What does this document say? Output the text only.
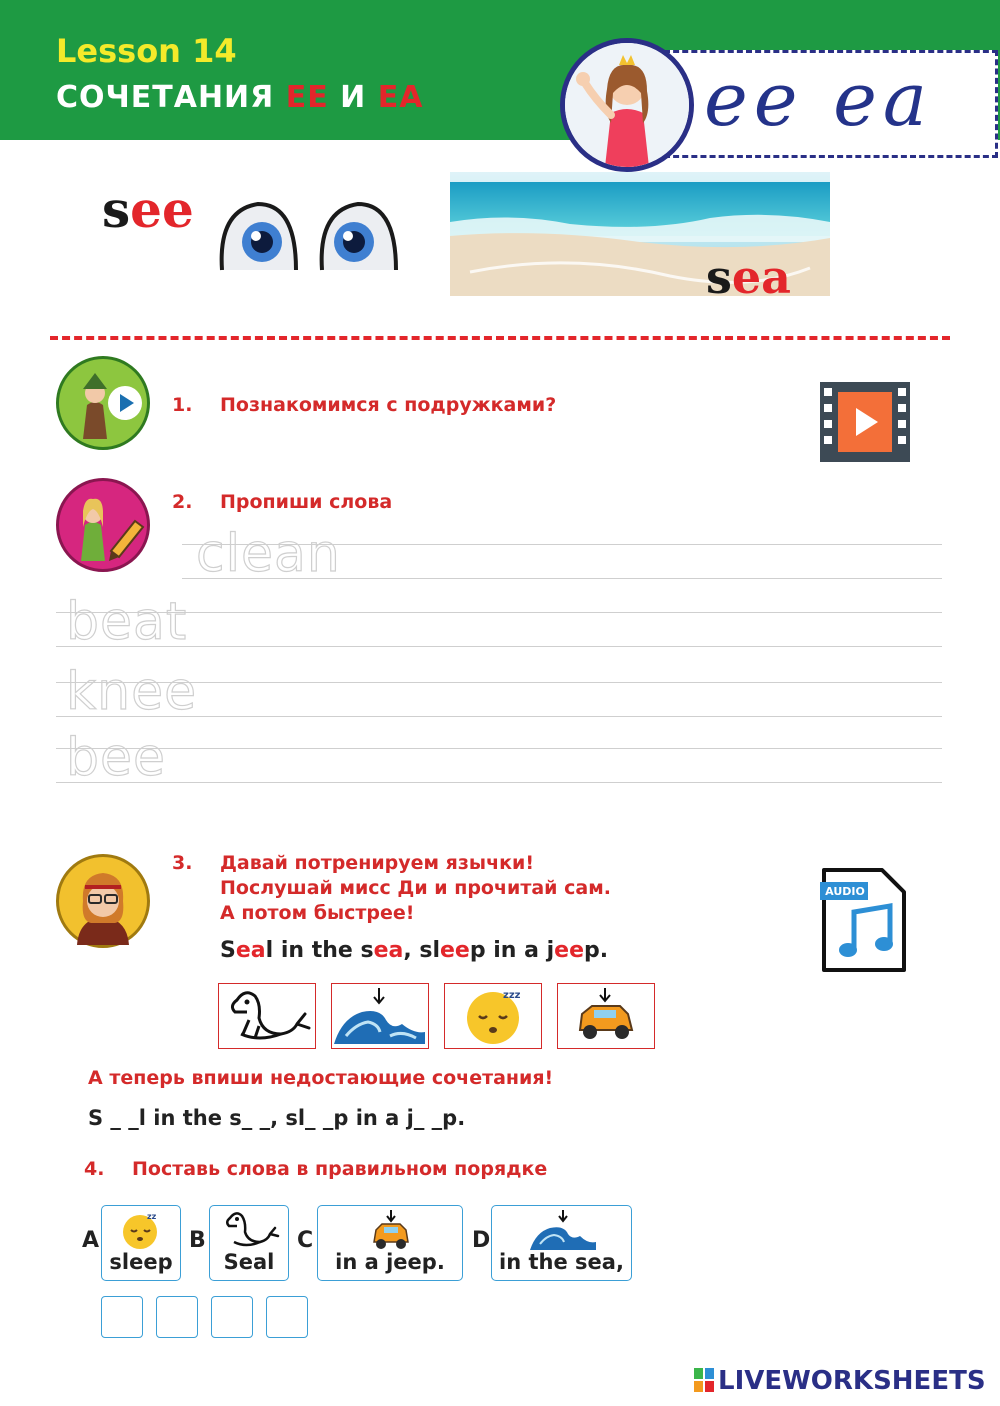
Lesson 14
СОЧЕТАНИЯ EE И EA	ee ea
see
sea
1. Познакомимся с подружками?
2. Пропиши слова
clean
beat
knee
bee
3. Давай потренируем язычки!
Послушай мисс Ди и прочитай сам.
А потом быстрее!
AUDIO
Seal in the sea, sleep in a jeep.
zzz
А теперь впиши недостающие сочетания!
S _ _l in the s_ _, sl_ _p in a j_ _p.
4. Поставь слова в правильном порядке
A
zz
sleep
B
Seal
C
in a jeep.
D
in the sea,
LIVEWORKSHEETS
